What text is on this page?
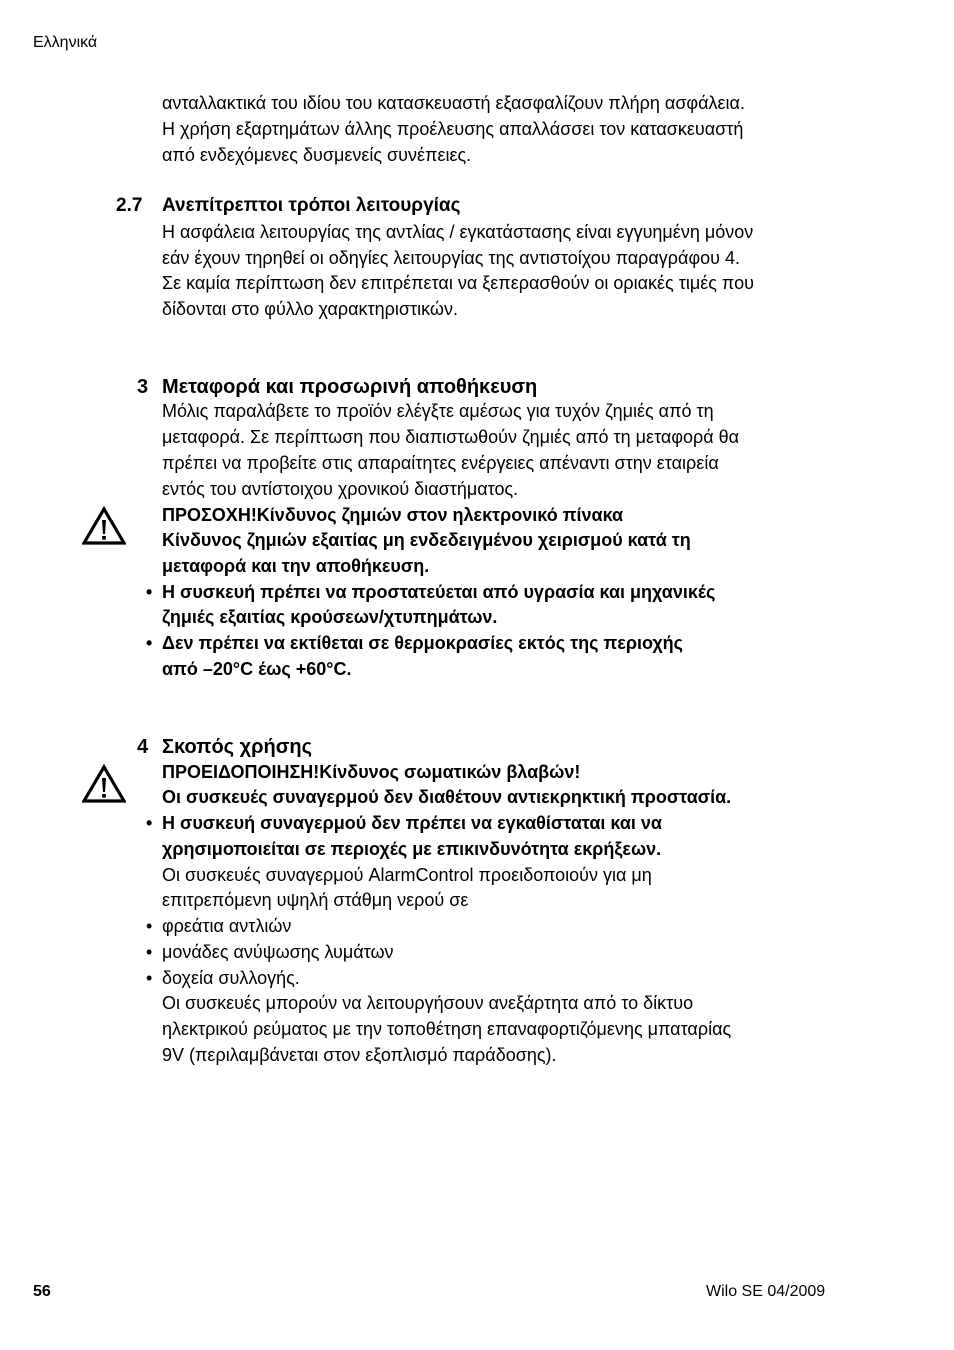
Ελληνικά
ανταλλακτικά του ιδίου του κατασκευαστή εξασφαλίζουν πλήρη ασφάλεια.
Η χρήση εξαρτημάτων άλλης προέλευσης απαλλάσσει τον κατασκευαστή
από ενδεχόμενες δυσμενείς συνέπειες.
2.7 Ανεπίτρεπτοι τρόποι λειτουργίας
Η ασφάλεια λειτουργίας της αντλίας / εγκατάστασης είναι εγγυημένη μόνον
εάν έχουν τηρηθεί οι οδηγίες λειτουργίας της αντιστοίχου παραγράφου 4.
Σε καμία περίπτωση δεν επιτρέπεται να ξεπερασθούν οι οριακές τιμές που
δίδονται στο φύλλο χαρακτηριστικών.
3 Μεταφορά και προσωρινή αποθήκευση
Μόλις παραλάβετε το προϊόν ελέγξτε αμέσως για τυχόν ζημιές από τη
μεταφορά. Σε περίπτωση που διαπιστωθούν ζημιές από τη μεταφορά θα
πρέπει να προβείτε στις απαραίτητες ενέργειες απέναντι στην εταιρεία
εντός του αντίστοιχου χρονικού διαστήματος.
ΠΡΟΣΟΧΗ!Κίνδυνος ζημιών στον ηλεκτρονικό πίνακα
Κίνδυνος ζημιών εξαιτίας μη ενδεδειγμένου χειρισμού κατά τη
μεταφορά και την αποθήκευση.
• Η συσκευή πρέπει να προστατεύεται από υγρασία και μηχανικές
ζημιές εξαιτίας κρούσεων/χτυπημάτων.
• Δεν πρέπει να εκτίθεται σε θερμοκρασίες εκτός της περιοχής
από –20°C έως +60°C.
4 Σκοπός χρήσης
ΠΡΟΕΙΔΟΠΟΙΗΣΗ!Κίνδυνος σωματικών βλαβών!
Οι συσκευές συναγερμού δεν διαθέτουν αντιεκρηκτική προστασία.
• Η συσκευή συναγερμού δεν πρέπει να εγκαθίσταται και να
χρησιμοποιείται σε περιοχές με επικινδυνότητα εκρήξεων.
Οι συσκευές συναγερμού AlarmControl προειδοποιούν για μη
επιτρεπόμενη υψηλή στάθμη νερού σε
• φρεάτια αντλιών
• μονάδες ανύψωσης λυμάτων
• δοχεία συλλογής.
Οι συσκευές μπορούν να λειτουργήσουν ανεξάρτητα από το δίκτυο
ηλεκτρικού ρεύματος με την τοποθέτηση επαναφορτιζόμενης μπαταρίας
9V (περιλαμβάνεται στον εξοπλισμό παράδοσης).
56	Wilo SE 04/2009
